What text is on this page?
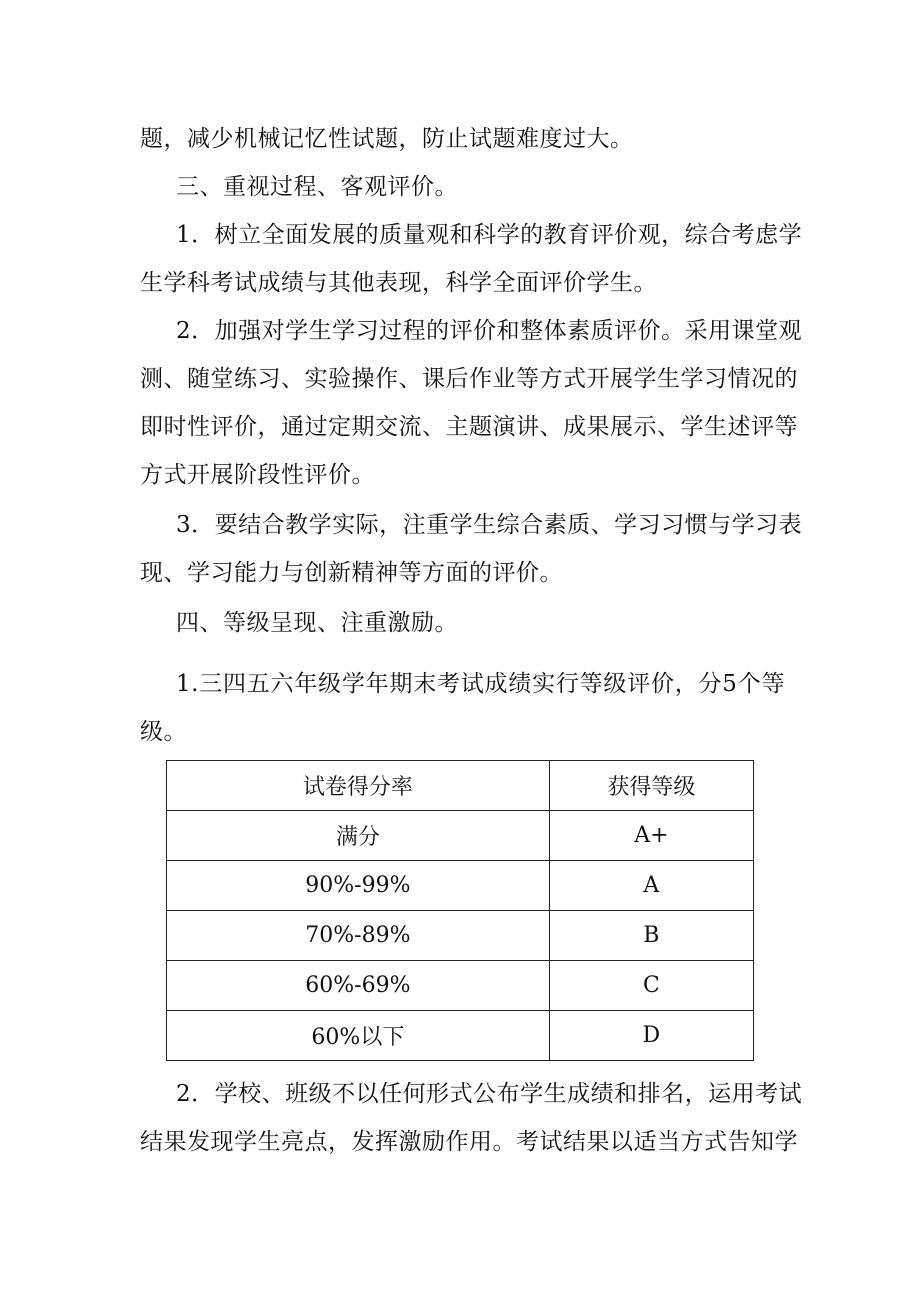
题，减少机械记忆性试题，防止试题难度过大。
三、重视过程、客观评价。
1．树立全面发展的质量观和科学的教育评价观，综合考虑学
生学科考试成绩与其他表现，科学全面评价学生。
2．加强对学生学习过程的评价和整体素质评价。采用课堂观
测、随堂练习、实验操作、课后作业等方式开展学生学习情况的
即时性评价，通过定期交流、主题演讲、成果展示、学生述评等
方式开展阶段性评价。
3．要结合教学实际，注重学生综合素质、学习习惯与学习表
现、学习能力与创新精神等方面的评价。
四、等级呈现、注重激励。
1.三四五六年级学年期末考试成绩实行等级评价，分5个等
级。
试卷得分率	获得等级
满分	A+
90%-99%	A
70%-89%	B
60%-69%	C
60%以下	D
2．学校、班级不以任何形式公布学生成绩和排名，运用考试
结果发现学生亮点，发挥激励作用。考试结果以适当方式告知学
